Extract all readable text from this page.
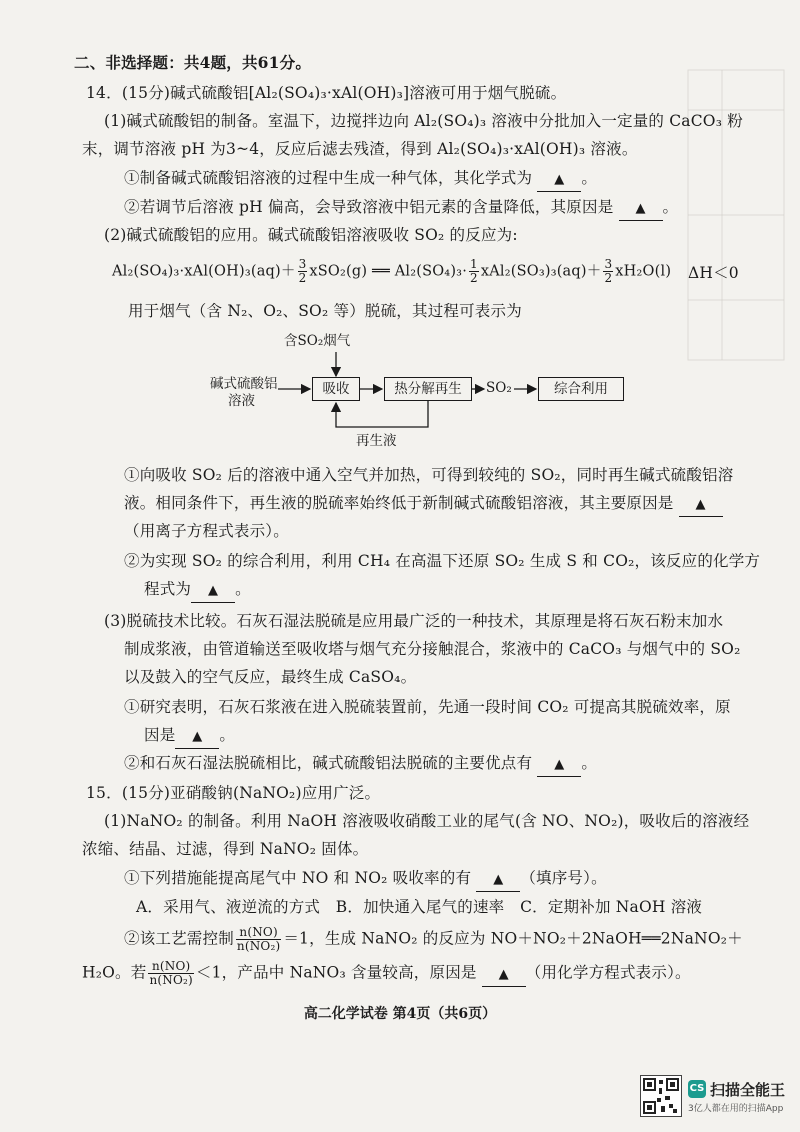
二、非选择题：共4题，共61分。
14．(15分)碱式硫酸铝[Al₂(SO₄)₃·xAl(OH)₃]溶液可用于烟气脱硫。
(1)碱式硫酸铝的制备。室温下，边搅拌边向 Al₂(SO₄)₃ 溶液中分批加入一定量的 CaCO₃ 粉
末，调节溶液 pH 为3~4，反应后滤去残渣，得到 Al₂(SO₄)₃·xAl(OH)₃ 溶液。
①制备碱式硫酸铝溶液的过程中生成一种气体，其化学式为 ▲ 。
②若调节后溶液 pH 偏高，会导致溶液中铝元素的含量降低，其原因是 ▲ 。
(2)碱式硫酸铝的应用。碱式硫酸铝溶液吸收 SO₂ 的反应为:
$Al_2(SO_4)_3\cdot xAl(OH)_3(aq)+ \frac{3}{2} xSO_2(g)$ ══ $Al_2(SO_4)_3\cdot \frac{1}{2} xAl_2(SO_3)_3(aq)+ \frac{3}{2} xH_2O(l)$ ΔH＜0
用于烟气（含 N₂、O₂、SO₂ 等）脱硫，其过程可表示为
含SO₂烟气
碱式硫酸铝
溶液
吸收	热分解再生	SO₂	综合利用
再生液
①向吸收 SO₂ 后的溶液中通入空气并加热，可得到较纯的 SO₂，同时再生碱式硫酸铝溶
液。相同条件下，再生液的脱硫率始终低于新制碱式硫酸铝溶液，其主要原因是 ▲
（用离子方程式表示）。
②为实现 SO₂ 的综合利用，利用 CH₄ 在高温下还原 SO₂ 生成 S 和 CO₂，该反应的化学方
程式为 ▲ 。
(3)脱硫技术比较。石灰石湿法脱硫是应用最广泛的一种技术，其原理是将石灰石粉末加水
制成浆液，由管道输送至吸收塔与烟气充分接触混合，浆液中的 CaCO₃ 与烟气中的 SO₂
以及鼓入的空气反应，最终生成 CaSO₄。
①研究表明，石灰石浆液在进入脱硫装置前，先通一段时间 CO₂ 可提高其脱硫效率，原
因是 ▲ 。
②和石灰石湿法脱硫相比，碱式硫酸铝法脱硫的主要优点有 ▲ 。
15．(15分)亚硝酸钠(NaNO₂)应用广泛。
(1)NaNO₂ 的制备。利用 NaOH 溶液吸收硝酸工业的尾气(含 NO、NO₂)，吸收后的溶液经
浓缩、结晶、过滤，得到 NaNO₂ 固体。
①下列措施能提高尾气中 NO 和 NO₂ 吸收率的有 ▲ （填序号）。
A．采用气、液逆流的方式　B．加快通入尾气的速率　C．定期补加 NaOH 溶液
②该工艺需控制 $\frac{n(NO)}{\text{n(NO₂)}} =1$，生成 NaNO₂ 的反应为 NO＋NO₂＋2NaOH══2NaNO₂＋
H₂O。若 $\frac{n(NO)}{\text{n(NO₂)}} <1$，产品中 NaNO₃ 含量较高，原因是 ▲ （用化学方程式表示）。
高二化学试卷 第4页（共6页）
CS 扫描全能王
3亿人都在用的扫描App
